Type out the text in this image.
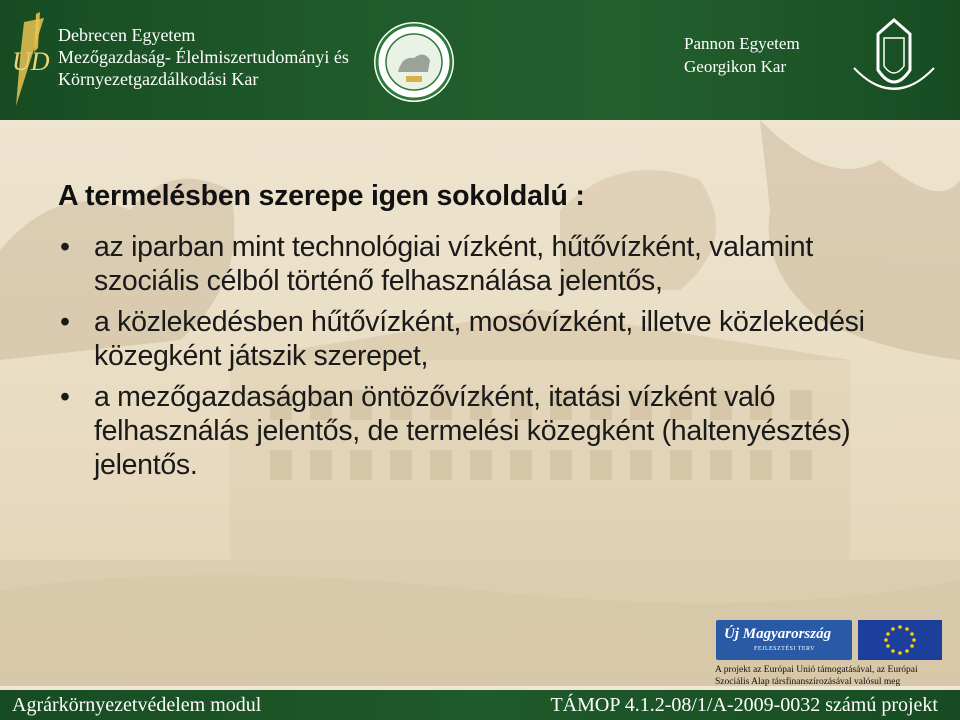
UD
Debrecen Egyetem
Mezőgazdaság- Élelmiszertudományi és
Környezetgazdálkodási Kar
Pannon Egyetem
Georgikon Kar
A termelésben szerepe igen sokoldalú :
• az iparban mint technológiai vízként, hűtővízként, valamint szociális célból történő felhasználása jelentős,
• a közlekedésben hűtővízként, mosóvízként, illetve közlekedési közegként játszik szerepet,
• a mezőgazdaságban öntözővízként, itatási vízként való felhasználás jelentős, de termelési közegként (haltenyésztés) jelentős.
Új Magyarország
FEJLESZTÉSI TERV
A projekt az Európai Unió támogatásával, az Európai
Szociális Alap társfinanszírozásával valósul meg
Agrárkörnyezetvédelem modul	TÁMOP 4.1.2-08/1/A-2009-0032 számú projekt
